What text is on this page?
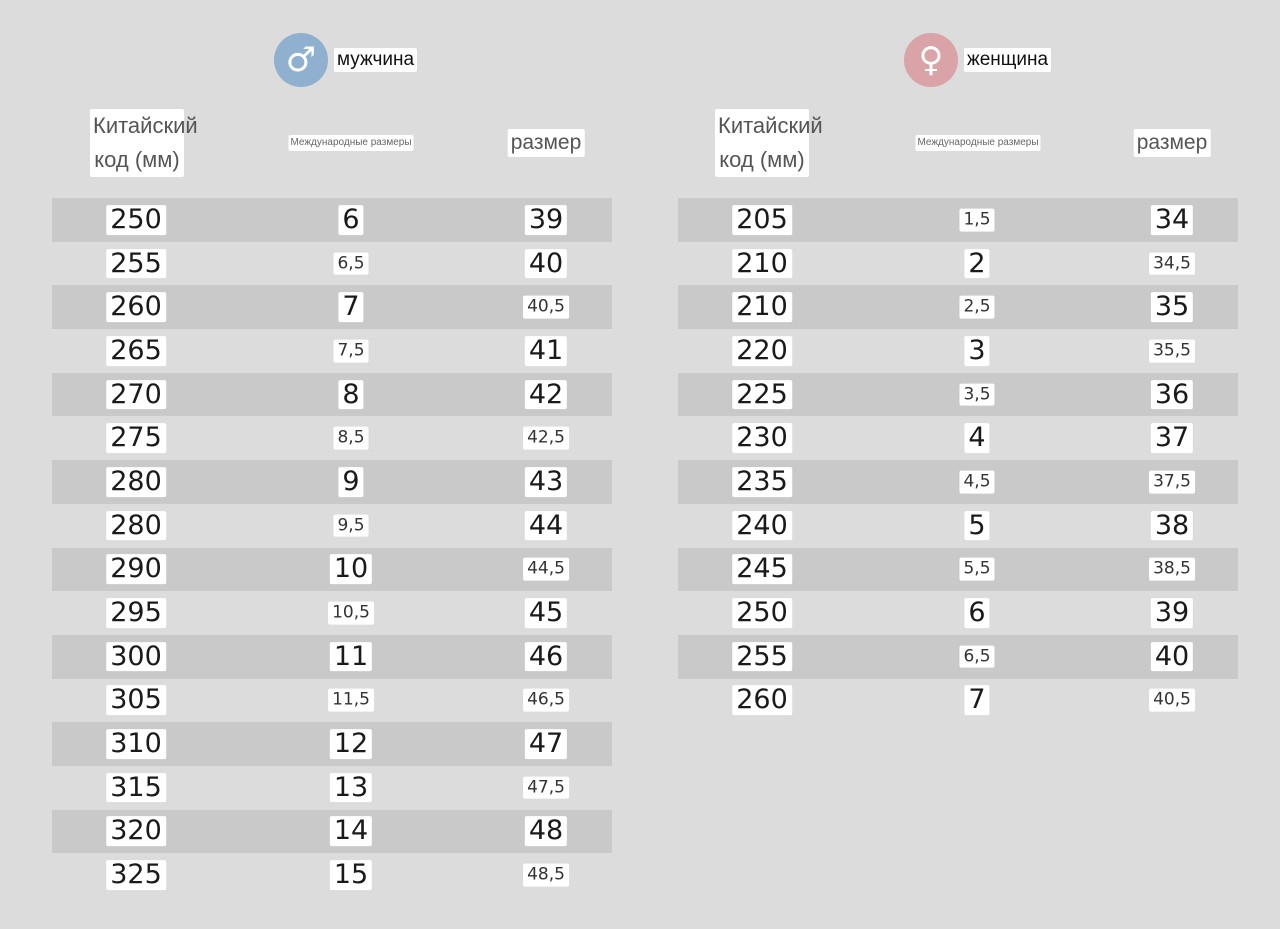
♂	мужчина
Китайский код (мм)
Международные размеры	размер
250	6	39
255	6,5	40
260	7	40,5
265	7,5	41
270	8	42
275	8,5	42,5
280	9	43
280	9,5	44
290	10	44,5
295	10,5	45
300	11	46
305	11,5	46,5
310	12	47
315	13	47,5
320	14	48
325	15	48,5
♀	женщина
Китайский код (мм)
Международные размеры	размер
205	1,5	34
210	2	34,5
210	2,5	35
220	3	35,5
225	3,5	36
230	4	37
235	4,5	37,5
240	5	38
245	5,5	38,5
250	6	39
255	6,5	40
260	7	40,5
